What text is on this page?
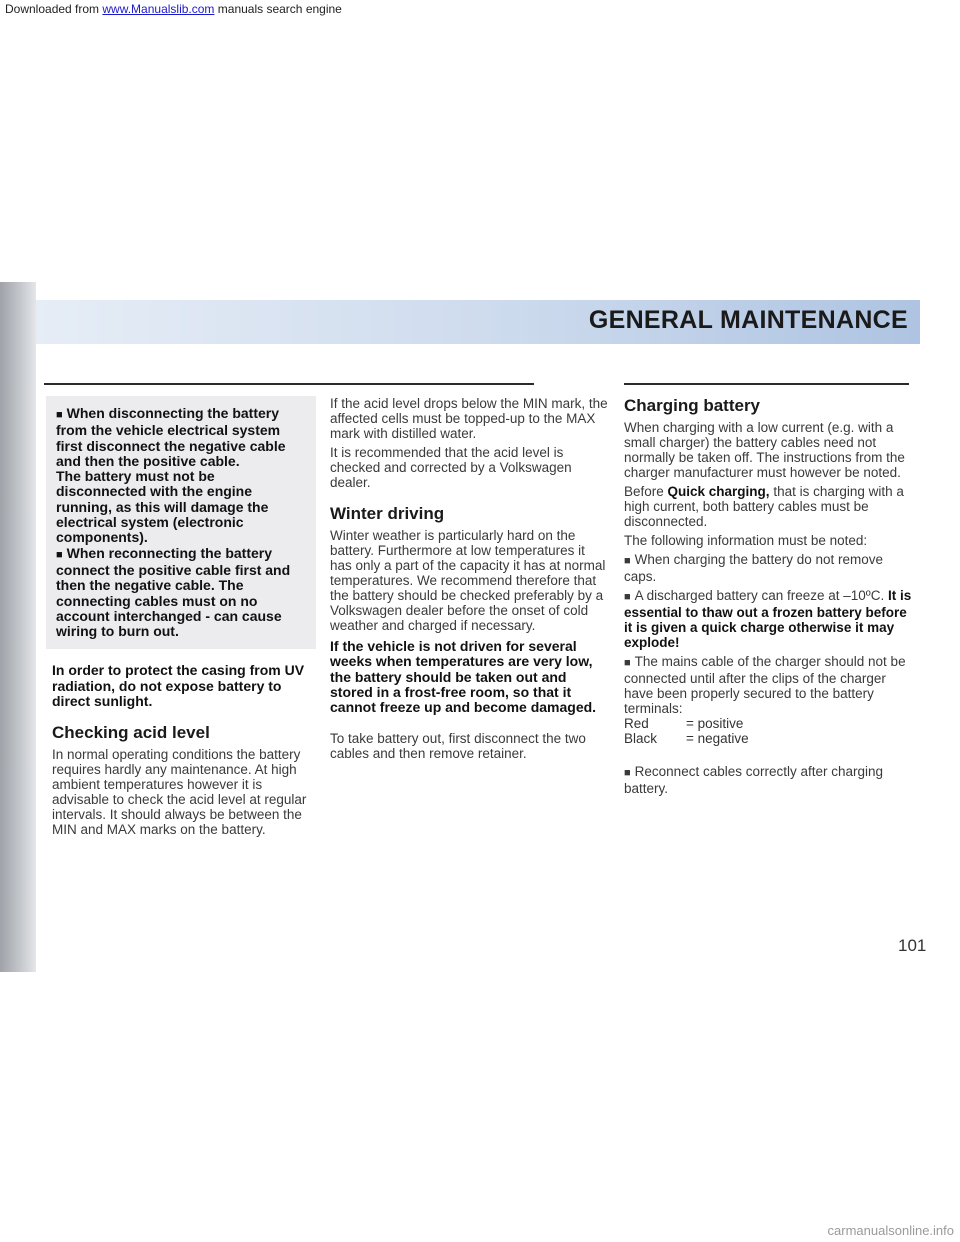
Downloaded from www.Manualslib.com manuals search engine
GENERAL MAINTENANCE

■ When disconnecting the battery from the vehicle electrical system first disconnect the negative cable and then the positive cable.

The battery must not be disconnected with the engine running, as this will damage the electrical system (electronic components).

■ When reconnecting the battery connect the positive cable first and then the negative cable. The connecting cables must on no account interchanged - can cause wiring to burn out.

In order to protect the casing from UV radiation, do not expose battery to direct sunlight.
Checking acid level
In normal operating conditions the battery requires hardly any maintenance. At high ambient temperatures however it is advisable to check the acid level at regular intervals. It should always be between the MIN and MAX marks on the battery.
If the acid level drops below the MIN mark, the affected cells must be topped-up to the MAX mark with distilled water.
It is recommended that the acid level is checked and corrected by a Volkswagen dealer.
Winter driving
Winter weather is particularly hard on the battery. Furthermore at low temperatures it has only a part of the capacity it has at normal temperatures. We recommend therefore that the battery should be checked preferably by a Volkswagen dealer before the onset of cold weather and charged if necessary.
If the vehicle is not driven for several weeks when temperatures are very low, the battery should be taken out and stored in a frost-free room, so that it cannot freeze up and become damaged.
To take battery out, first disconnect the two cables and then remove retainer.
Charging battery
When charging with a low current (e.g. with a small charger) the battery cables need not normally be taken off. The instructions from the charger manufacturer must however be noted.
Before Quick charging, that is charging with a high current, both battery cables must be disconnected.
The following information must be noted:
■ When charging the battery do not remove caps.
■ A discharged battery can freeze at –10ºC. It is essential to thaw out a frozen battery before it is given a quick charge otherwise it may explode!
■ The mains cable of the charger should not be connected until after the clips of the charger have been properly secured to the battery terminals:
Red	= positive
Black	= negative
■ Reconnect cables correctly after charging battery.
101
carmanualsonline.info
